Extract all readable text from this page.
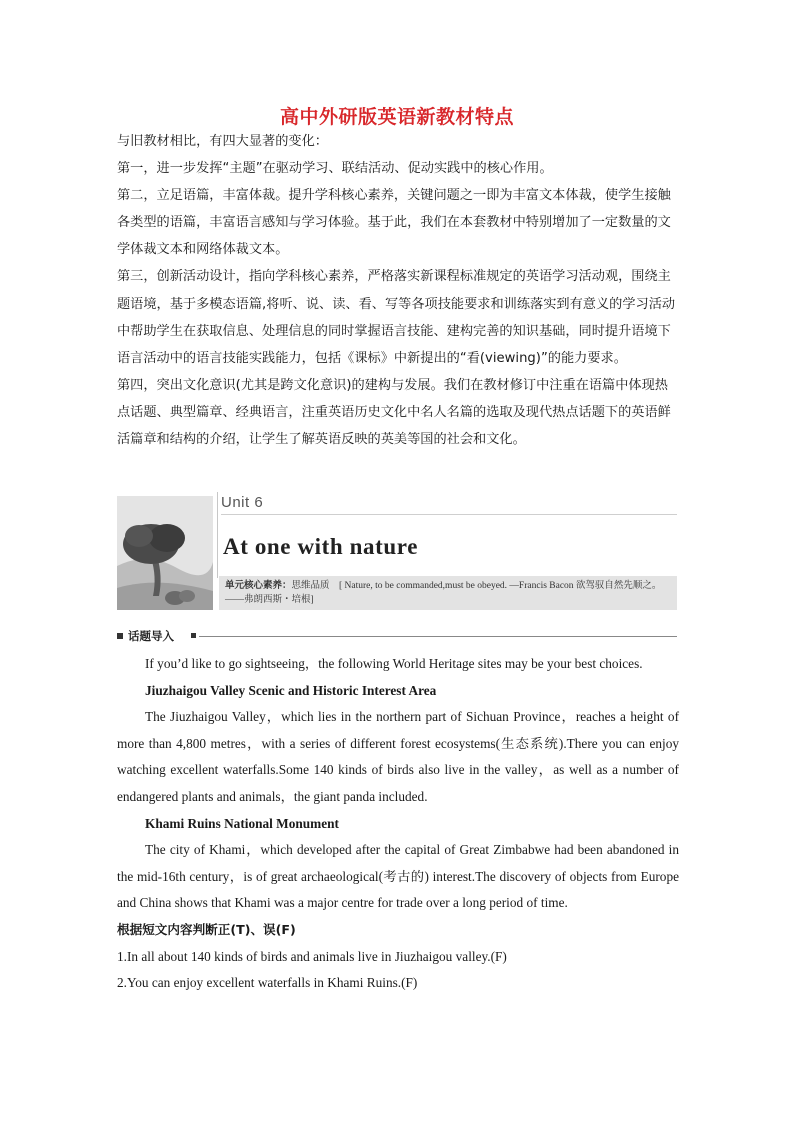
高中外研版英语新教材特点

与旧教材相比，有四大显著的变化：

第一，进一步发挥“主题”在驱动学习、联结活动、促动实践中的核心作用。

第二，立足语篇，丰富体裁。提升学科核心素养，关键问题之一即为丰富文本体裁，使学生接触各类型的语篇，丰富语言感知与学习体验。基于此，我们在本套教材中特别增加了一定数量的文学体裁文本和网络体裁文本。

第三，创新活动设计，指向学科核心素养，严格落实新课程标准规定的英语学习活动观，围绕主题语境，基于多模态语篇,将听、说、读、看、写等各项技能要求和训练落实到有意义的学习活动中帮助学生在获取信息、处理信息的同时掌握语言技能、建构完善的知识基础，同时提升语境下语言活动中的语言技能实践能力，包括《课标》中新提出的“看(viewing)”的能力要求。

第四，突出文化意识(尤其是跨文化意识)的建构与发展。我们在教材修订中注重在语篇中体现热点话题、典型篇章、经典语言，注重英语历史文化中名人名篇的选取及现代热点话题下的英语鲜活篇章和结构的介绍，让学生了解英语反映的英美等国的社会和文化。

Unit 6
At one with nature
单元核心素养：思维品质　[ Nature, to be commanded,must be obeyed. —Francis Bacon 欲驾驭自然先顺之。——弗朗西斯・培根]
话题导入

If you’d like to go sightseeing，the following World Heritage sites may be your best choices.

Jiuzhaigou Valley Scenic and Historic Interest Area

The Jiuzhaigou Valley，which lies in the northern part of Sichuan Province，reaches a height of more than 4,800 metres，with a series of different forest ecosystems(生态系统).There you can enjoy watching excellent waterfalls.Some 140 kinds of birds also live in the valley，as well as a number of endangered plants and animals，the giant panda included.

Khami Ruins National Monument

The city of Khami，which developed after the capital of Great Zimbabwe had been abandoned in the mid-16th century，is of great archaeological(考古的) interest.The discovery of objects from Europe and China shows that Khami was a major centre for trade over a long period of time.

根据短文内容判断正(T)、误(F)

1.In all about 140 kinds of birds and animals live in Jiuzhaigou valley.(F)

2.You can enjoy excellent waterfalls in Khami Ruins.(F)
